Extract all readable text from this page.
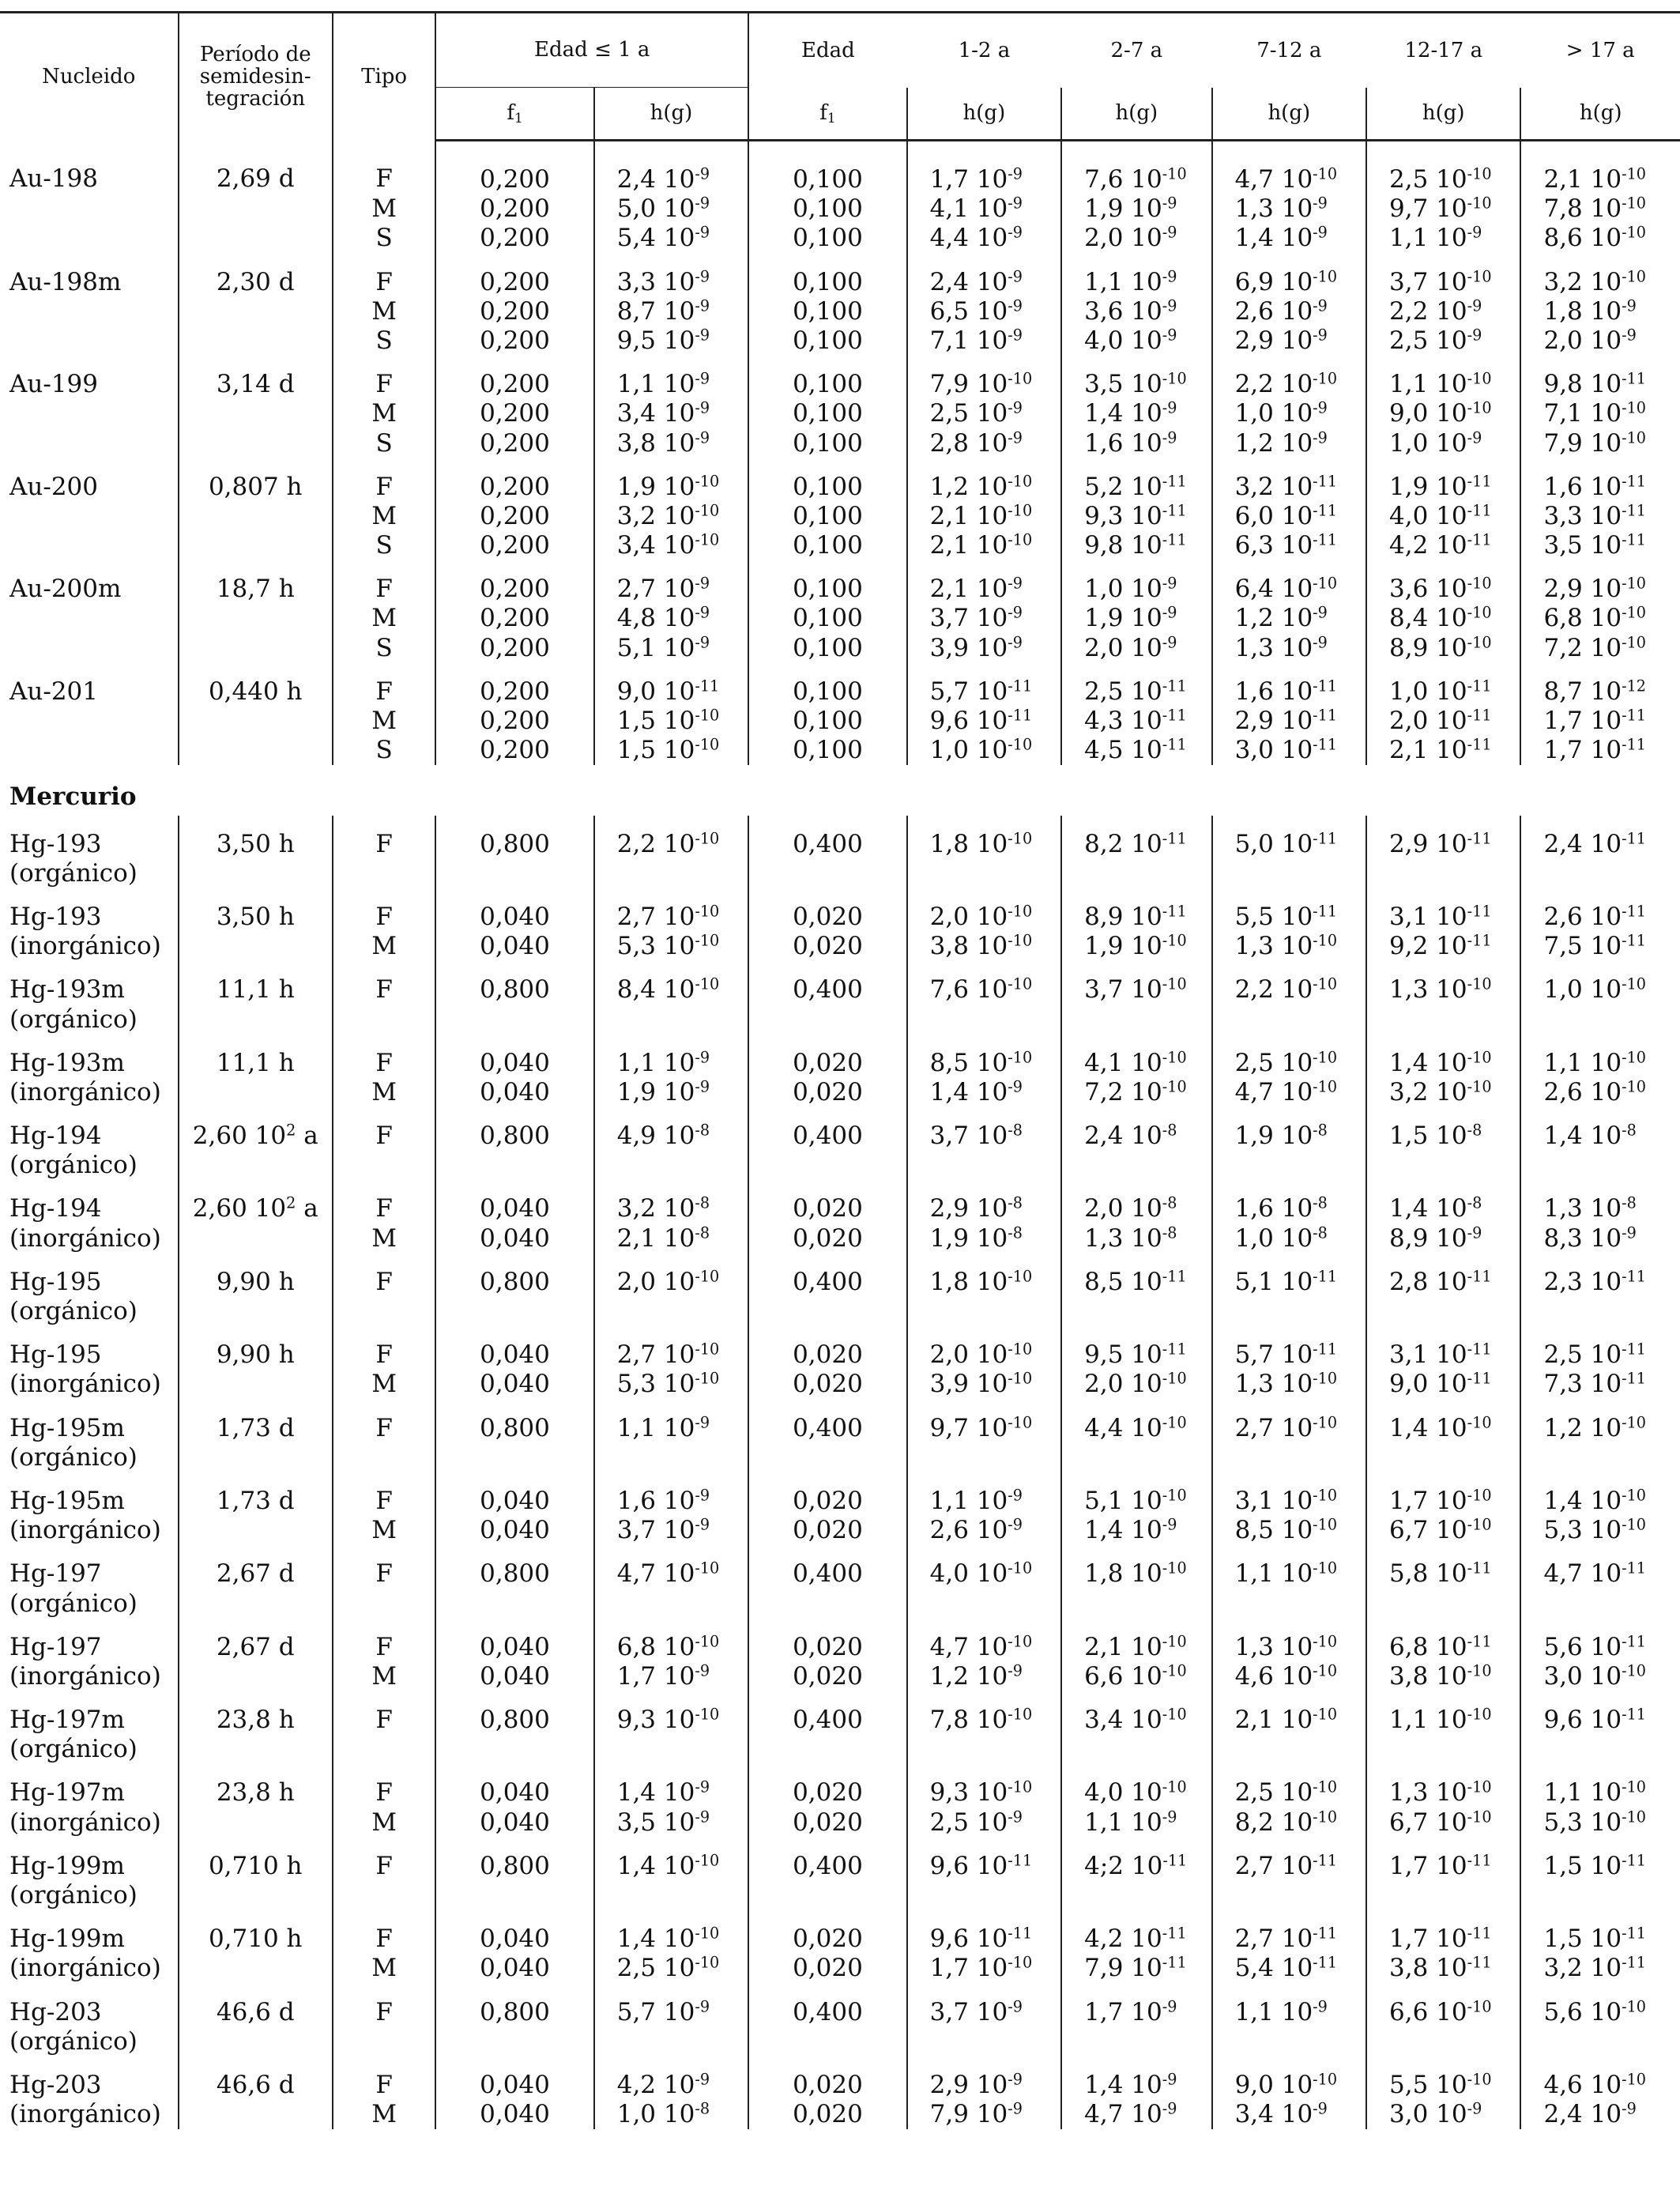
Nucleido	Período de semidesin-tegración	Tipo	Edad ≤ 1 a		Edad	1-2 a	2-7 a	7-12 a	12-17 a	> 17 a
			$f_1$	h(g)	$f_1$	h(g)	h(g)	h(g)	h(g)	h(g)
Au-198	2,69 d	F	0,200	2,4 $10^{-9}$	0,100	1,7 $10^{-9}$	7,6 $10^{-10}$	4,7 $10^{-10}$	2,5 $10^{-10}$	2,1 $10^{-10}$
		M	0,200	5,0 $10^{-9}$	0,100	4,1 $10^{-9}$	1,9 $10^{-9}$	1,3 $10^{-9}$	9,7 $10^{-10}$	7,8 $10^{-10}$
		S	0,200	5,4 $10^{-9}$	0,100	4,4 $10^{-9}$	2,0 $10^{-9}$	1,4 $10^{-9}$	1,1 $10^{-9}$	8,6 $10^{-10}$
Au-198m	2,30 d	F	0,200	3,3 $10^{-9}$	0,100	2,4 $10^{-9}$	1,1 $10^{-9}$	6,9 $10^{-10}$	3,7 $10^{-10}$	3,2 $10^{-10}$
		M	0,200	8,7 $10^{-9}$	0,100	6,5 $10^{-9}$	3,6 $10^{-9}$	2,6 $10^{-9}$	2,2 $10^{-9}$	1,8 $10^{-9}$
		S	0,200	9,5 $10^{-9}$	0,100	7,1 $10^{-9}$	4,0 $10^{-9}$	2,9 $10^{-9}$	2,5 $10^{-9}$	2,0 $10^{-9}$
Au-199	3,14 d	F	0,200	1,1 $10^{-9}$	0,100	7,9 $10^{-10}$	3,5 $10^{-10}$	2,2 $10^{-10}$	1,1 $10^{-10}$	9,8 $10^{-11}$
		M	0,200	3,4 $10^{-9}$	0,100	2,5 $10^{-9}$	1,4 $10^{-9}$	1,0 $10^{-9}$	9,0 $10^{-10}$	7,1 $10^{-10}$
		S	0,200	3,8 $10^{-9}$	0,100	2,8 $10^{-9}$	1,6 $10^{-9}$	1,2 $10^{-9}$	1,0 $10^{-9}$	7,9 $10^{-10}$
Au-200	0,807 h	F	0,200	1,9 $10^{-10}$	0,100	1,2 $10^{-10}$	5,2 $10^{-11}$	3,2 $10^{-11}$	1,9 $10^{-11}$	1,6 $10^{-11}$
		M	0,200	3,2 $10^{-10}$	0,100	2,1 $10^{-10}$	9,3 $10^{-11}$	6,0 $10^{-11}$	4,0 $10^{-11}$	3,3 $10^{-11}$
		S	0,200	3,4 $10^{-10}$	0,100	2,1 $10^{-10}$	9,8 $10^{-11}$	6,3 $10^{-11}$	4,2 $10^{-11}$	3,5 $10^{-11}$
Au-200m	18,7 h	F	0,200	2,7 $10^{-9}$	0,100	2,1 $10^{-9}$	1,0 $10^{-9}$	6,4 $10^{-10}$	3,6 $10^{-10}$	2,9 $10^{-10}$
		M	0,200	4,8 $10^{-9}$	0,100	3,7 $10^{-9}$	1,9 $10^{-9}$	1,2 $10^{-9}$	8,4 $10^{-10}$	6,8 $10^{-10}$
		S	0,200	5,1 $10^{-9}$	0,100	3,9 $10^{-9}$	2,0 $10^{-9}$	1,3 $10^{-9}$	8,9 $10^{-10}$	7,2 $10^{-10}$
Au-201	0,440 h	F	0,200	9,0 $10^{-11}$	0,100	5,7 $10^{-11}$	2,5 $10^{-11}$	1,6 $10^{-11}$	1,0 $10^{-11}$	8,7 $10^{-12}$
		M	0,200	1,5 $10^{-10}$	0,100	9,6 $10^{-11}$	4,3 $10^{-11}$	2,9 $10^{-11}$	2,0 $10^{-11}$	1,7 $10^{-11}$
		S	0,200	1,5 $10^{-10}$	0,100	1,0 $10^{-10}$	4,5 $10^{-11}$	3,0 $10^{-11}$	2,1 $10^{-11}$	1,7 $10^{-11}$
Mercurio										
Hg-193	3,50 h	F	0,800	2,2 $10^{-10}$	0,400	1,8 $10^{-10}$	8,2 $10^{-11}$	5,0 $10^{-11}$	2,9 $10^{-11}$	2,4 $10^{-11}$
(orgánico)										
Hg-193	3,50 h	F	0,040	2,7 $10^{-10}$	0,020	2,0 $10^{-10}$	8,9 $10^{-11}$	5,5 $10^{-11}$	3,1 $10^{-11}$	2,6 $10^{-11}$
(inorgánico)		M	0,040	5,3 $10^{-10}$	0,020	3,8 $10^{-10}$	1,9 $10^{-10}$	1,3 $10^{-10}$	9,2 $10^{-11}$	7,5 $10^{-11}$
Hg-193m	11,1 h	F	0,800	8,4 $10^{-10}$	0,400	7,6 $10^{-10}$	3,7 $10^{-10}$	2,2 $10^{-10}$	1,3 $10^{-10}$	1,0 $10^{-10}$
(orgánico)										
Hg-193m	11,1 h	F	0,040	1,1 $10^{-9}$	0,020	8,5 $10^{-10}$	4,1 $10^{-10}$	2,5 $10^{-10}$	1,4 $10^{-10}$	1,1 $10^{-10}$
(inorgánico)		M	0,040	1,9 $10^{-9}$	0,020	1,4 $10^{-9}$	7,2 $10^{-10}$	4,7 $10^{-10}$	3,2 $10^{-10}$	2,6 $10^{-10}$
Hg-194	2,60 $10^2$ a	F	0,800	4,9 $10^{-8}$	0,400	3,7 $10^{-8}$	2,4 $10^{-8}$	1,9 $10^{-8}$	1,5 $10^{-8}$	1,4 $10^{-8}$
(orgánico)										
Hg-194	2,60 $10^2$ a	F	0,040	3,2 $10^{-8}$	0,020	2,9 $10^{-8}$	2,0 $10^{-8}$	1,6 $10^{-8}$	1,4 $10^{-8}$	1,3 $10^{-8}$
(inorgánico)		M	0,040	2,1 $10^{-8}$	0,020	1,9 $10^{-8}$	1,3 $10^{-8}$	1,0 $10^{-8}$	8,9 $10^{-9}$	8,3 $10^{-9}$
Hg-195	9,90 h	F	0,800	2,0 $10^{-10}$	0,400	1,8 $10^{-10}$	8,5 $10^{-11}$	5,1 $10^{-11}$	2,8 $10^{-11}$	2,3 $10^{-11}$
(orgánico)										
Hg-195	9,90 h	F	0,040	2,7 $10^{-10}$	0,020	2,0 $10^{-10}$	9,5 $10^{-11}$	5,7 $10^{-11}$	3,1 $10^{-11}$	2,5 $10^{-11}$
(inorgánico)		M	0,040	5,3 $10^{-10}$	0,020	3,9 $10^{-10}$	2,0 $10^{-10}$	1,3 $10^{-10}$	9,0 $10^{-11}$	7,3 $10^{-11}$
Hg-195m	1,73 d	F	0,800	1,1 $10^{-9}$	0,400	9,7 $10^{-10}$	4,4 $10^{-10}$	2,7 $10^{-10}$	1,4 $10^{-10}$	1,2 $10^{-10}$
(orgánico)										
Hg-195m	1,73 d	F	0,040	1,6 $10^{-9}$	0,020	1,1 $10^{-9}$	5,1 $10^{-10}$	3,1 $10^{-10}$	1,7 $10^{-10}$	1,4 $10^{-10}$
(inorgánico)		M	0,040	3,7 $10^{-9}$	0,020	2,6 $10^{-9}$	1,4 $10^{-9}$	8,5 $10^{-10}$	6,7 $10^{-10}$	5,3 $10^{-10}$
Hg-197	2,67 d	F	0,800	4,7 $10^{-10}$	0,400	4,0 $10^{-10}$	1,8 $10^{-10}$	1,1 $10^{-10}$	5,8 $10^{-11}$	4,7 $10^{-11}$
(orgánico)										
Hg-197	2,67 d	F	0,040	6,8 $10^{-10}$	0,020	4,7 $10^{-10}$	2,1 $10^{-10}$	1,3 $10^{-10}$	6,8 $10^{-11}$	5,6 $10^{-11}$
(inorgánico)		M	0,040	1,7 $10^{-9}$	0,020	1,2 $10^{-9}$	6,6 $10^{-10}$	4,6 $10^{-10}$	3,8 $10^{-10}$	3,0 $10^{-10}$
Hg-197m	23,8 h	F	0,800	9,3 $10^{-10}$	0,400	7,8 $10^{-10}$	3,4 $10^{-10}$	2,1 $10^{-10}$	1,1 $10^{-10}$	9,6 $10^{-11}$
(orgánico)										
Hg-197m	23,8 h	F	0,040	1,4 $10^{-9}$	0,020	9,3 $10^{-10}$	4,0 $10^{-10}$	2,5 $10^{-10}$	1,3 $10^{-10}$	1,1 $10^{-10}$
(inorgánico)		M	0,040	3,5 $10^{-9}$	0,020	2,5 $10^{-9}$	1,1 $10^{-9}$	8,2 $10^{-10}$	6,7 $10^{-10}$	5,3 $10^{-10}$
Hg-199m	0,710 h	F	0,800	1,4 $10^{-10}$	0,400	9,6 $10^{-11}$	4;2 $10^{-11}$	2,7 $10^{-11}$	1,7 $10^{-11}$	1,5 $10^{-11}$
(orgánico)										
Hg-199m	0,710 h	F	0,040	1,4 $10^{-10}$	0,020	9,6 $10^{-11}$	4,2 $10^{-11}$	2,7 $10^{-11}$	1,7 $10^{-11}$	1,5 $10^{-11}$
(inorgánico)		M	0,040	2,5 $10^{-10}$	0,020	1,7 $10^{-10}$	7,9 $10^{-11}$	5,4 $10^{-11}$	3,8 $10^{-11}$	3,2 $10^{-11}$
Hg-203	46,6 d	F	0,800	5,7 $10^{-9}$	0,400	3,7 $10^{-9}$	1,7 $10^{-9}$	1,1 $10^{-9}$	6,6 $10^{-10}$	5,6 $10^{-10}$
(orgánico)										
Hg-203	46,6 d	F	0,040	4,2 $10^{-9}$	0,020	2,9 $10^{-9}$	1,4 $10^{-9}$	9,0 $10^{-10}$	5,5 $10^{-10}$	4,6 $10^{-10}$
(inorgánico)		M	0,040	1,0 $10^{-8}$	0,020	7,9 $10^{-9}$	4,7 $10^{-9}$	3,4 $10^{-9}$	3,0 $10^{-9}$	2,4 $10^{-9}$
